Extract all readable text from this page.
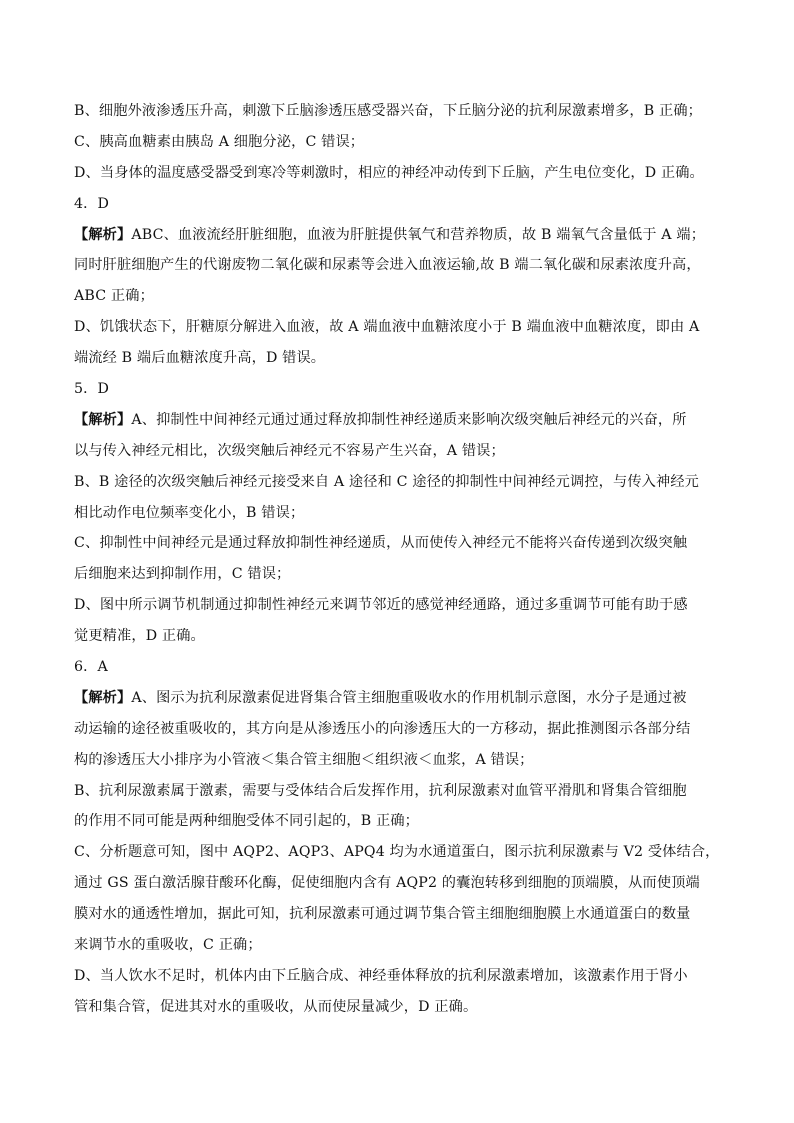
B、细胞外液渗透压升高，刺激下丘脑渗透压感受器兴奋，下丘脑分泌的抗利尿激素增多，B 正确；
C、胰高血糖素由胰岛 A 细胞分泌，C 错误；
D、当身体的温度感受器受到寒冷等刺激时，相应的神经冲动传到下丘脑，产生电位变化，D 正确。
4．D
【解析】ABC、血液流经肝脏细胞，血液为肝脏提供氧气和营养物质，故 B 端氧气含量低于 A 端；
同时肝脏细胞产生的代谢废物二氧化碳和尿素等会进入血液运输,故 B 端二氧化碳和尿素浓度升高，
ABC 正确；
D、饥饿状态下，肝糖原分解进入血液，故 A 端血液中血糖浓度小于 B 端血液中血糖浓度，即由 A
端流经 B 端后血糖浓度升高，D 错误。
5．D
【解析】A、抑制性中间神经元通过通过释放抑制性神经递质来影响次级突触后神经元的兴奋，所
以与传入神经元相比，次级突触后神经元不容易产生兴奋，A 错误；
B、B 途径的次级突触后神经元接受来自 A 途径和 C 途径的抑制性中间神经元调控，与传入神经元
相比动作电位频率变化小，B 错误；
C、抑制性中间神经元是通过释放抑制性神经递质，从而使传入神经元不能将兴奋传递到次级突触
后细胞来达到抑制作用，C 错误；
D、图中所示调节机制通过抑制性神经元来调节邻近的感觉神经通路，通过多重调节可能有助于感
觉更精准，D 正确。
6．A
【解析】A、图示为抗利尿激素促进肾集合管主细胞重吸收水的作用机制示意图，水分子是通过被
动运输的途径被重吸收的，其方向是从渗透压小的向渗透压大的一方移动，据此推测图示各部分结
构的渗透压大小排序为小管液＜集合管主细胞＜组织液＜血浆，A 错误；
B、抗利尿激素属于激素，需要与受体结合后发挥作用，抗利尿激素对血管平滑肌和肾集合管细胞
的作用不同可能是两种细胞受体不同引起的，B 正确；
C、分析题意可知，图中 AQP2、AQP3、APQ4 均为水通道蛋白，图示抗利尿激素与 V2 受体结合，
通过 GS 蛋白激活腺苷酸环化酶，促使细胞内含有 AQP2 的囊泡转移到细胞的顶端膜，从而使顶端
膜对水的通透性增加，据此可知，抗利尿激素可通过调节集合管主细胞细胞膜上水通道蛋白的数量
来调节水的重吸收，C 正确；
D、当人饮水不足时，机体内由下丘脑合成、神经垂体释放的抗利尿激素增加，该激素作用于肾小
管和集合管，促进其对水的重吸收，从而使尿量减少，D 正确。
